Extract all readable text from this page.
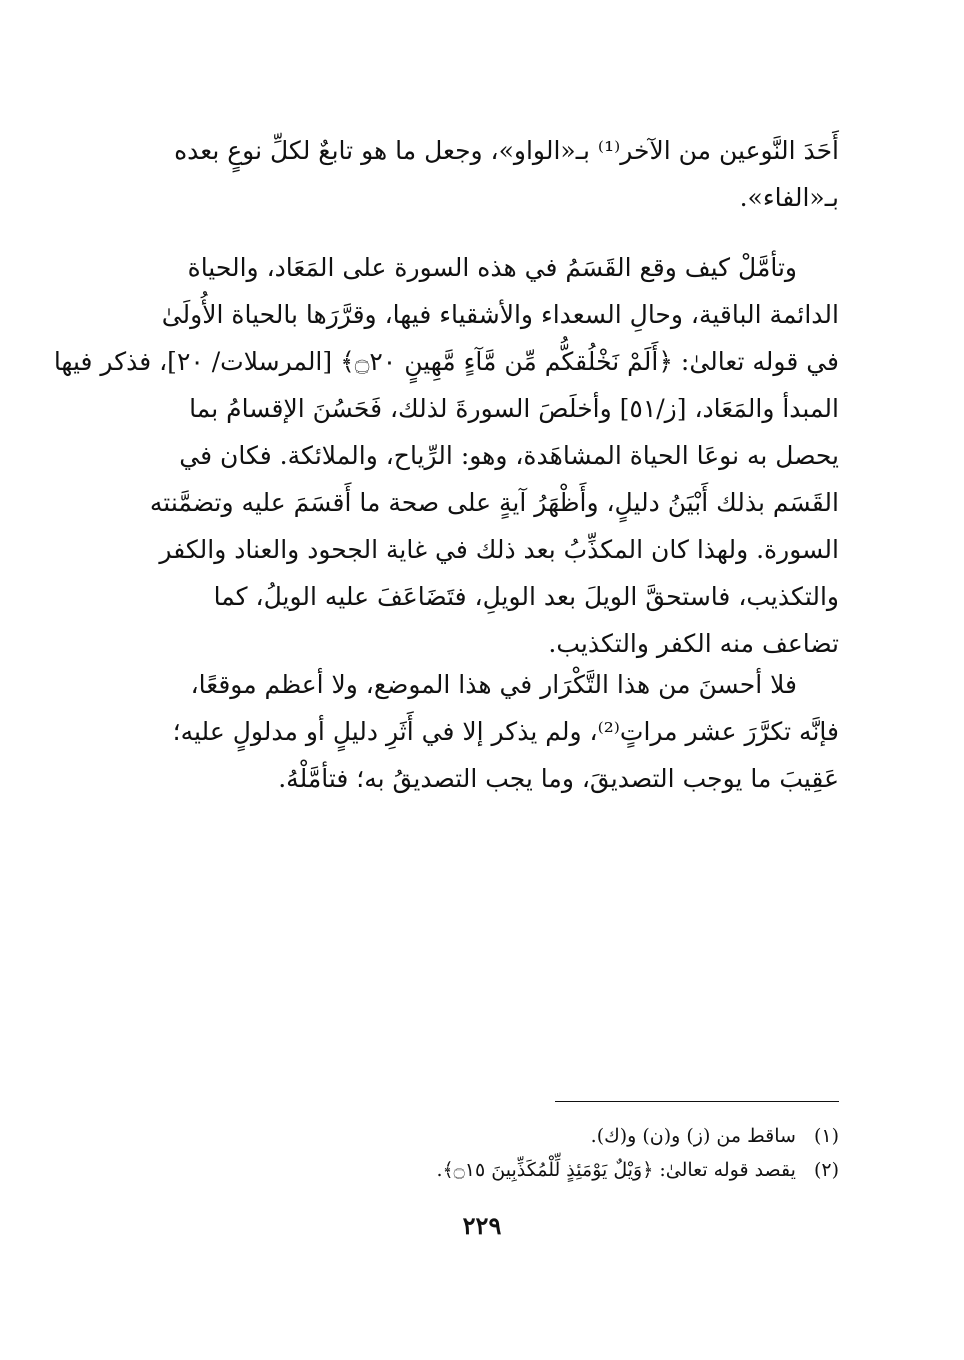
أَحَدَ النَّوعين من الآخر⁽¹⁾ بـ«الواو»، وجعل ما هو تابعٌ لكلِّ نوعٍ بعده
بـ«الفاء».
وتأمَّلْ كيف وقع القَسَمُ في هذه السورة على المَعَاد، والحياة
الدائمة الباقية، وحالِ السعداء والأشقياء فيها، وقرَّرَها بالحياة الأُولَىٰ
في قوله تعالىٰ: ﴿أَلَمْ نَخْلُقكُّم مِّن مَّآءٍ مَّهِينٍ ۝٢٠﴾ [المرسلات/ ٢٠]، فذكر فيها
المبدأ والمَعَاد، [ز/٥١] وأخلَصَ السورةَ لذلك، فَحَسُنَ الإقسامُ بما
يحصل به نوعَا الحياة المشاهَدة، وهو: الرِّياح، والملائكة. فكان في
القَسَم بذلك أَبْيَنُ دليلٍ، وأَظْهَرُ آيةٍ على صحة ما أَقسَمَ عليه وتضمَّنته
السورة. ولهذا كان المكذِّبُ بعد ذلك في غاية الجحود والعناد والكفر
والتكذيب، فاستحقَّ الويلَ بعد الويلِ، فتَضَاعَفَ عليه الويلُ، كما
تضاعف منه الكفر والتكذيب.
فلا أحسنَ من هذا التَّكْرَار في هذا الموضع، ولا أعظم موقعًا،
فإنَّه تكرَّرَ عشر مراتٍ⁽²⁾، ولم يذكر إلا في أَثَرِ دليلٍ أو مدلولٍ عليه؛
عَقِيبَ ما يوجب التصديقَ، وما يجب التصديقُ به؛ فتأمَّلْهُ.
(١)ساقط من (ز) و(ن) و(ك).
(٢)يقصد قوله تعالىٰ: ﴿وَيْلٌ يَوْمَئِذٍ لِّلْمُكَذِّبِينَ ۝١٥﴾.
٢٢٩
